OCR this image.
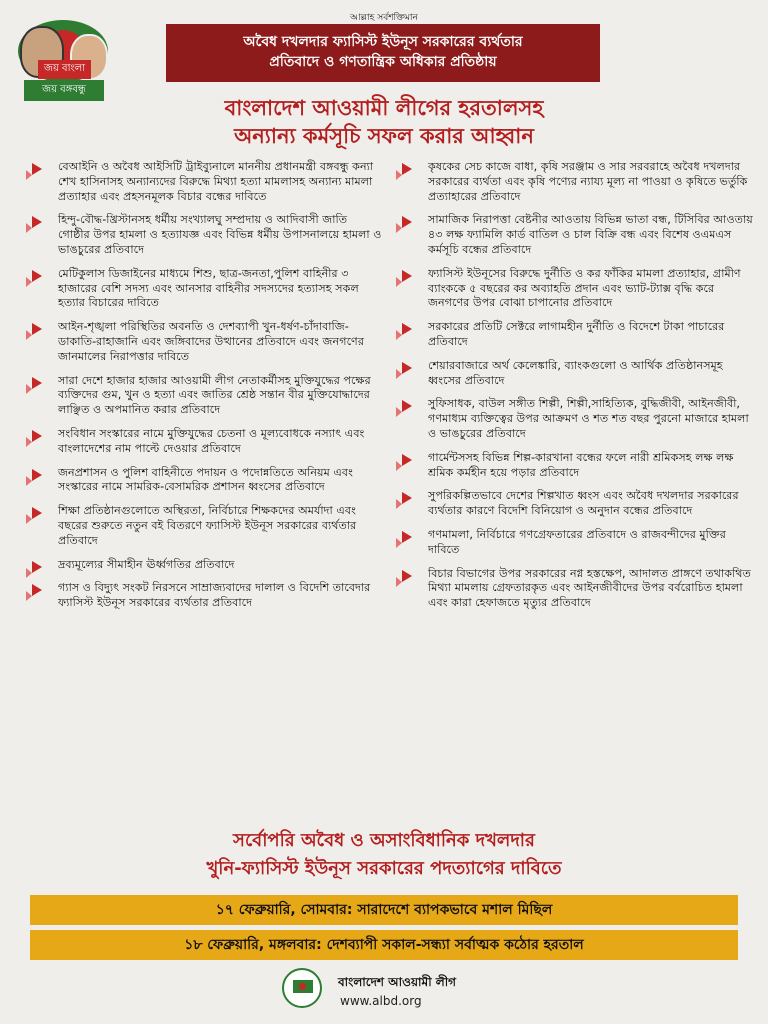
আল্লাহ সর্বশক্তিমান
জয় বাংলা
জয় বঙ্গবন্ধু
অবৈধ দখলদার ফ্যাসিস্ট ইউনূস সরকারের ব্যর্থতার
প্রতিবাদে ও গণতান্ত্রিক অধিকার প্রতিষ্ঠায়
বাংলাদেশ আওয়ামী লীগের হরতালসহ
অন্যান্য কর্মসূচি সফল করার আহ্বান
বেআইনি ও অবৈধ আইসিটি ট্রাইব্যুনালে মাননীয় প্রধানমন্ত্রী বঙ্গবন্ধু কন্যা শেখ হাসিনাসহ অন্যান্যদের বিরুদ্ধে মিথ্যা হত্যা মামলাসহ অন্যান্য মামলা প্রত্যাহার এবং প্রহসনমূলক বিচার বন্ধের দাবিতে
হিন্দু-বৌদ্ধ-খ্রিস্টানসহ ধর্মীয় সংখ্যালঘু সম্প্রদায় ও আদিবাসী জাতি গোষ্ঠীর উপর হামলা ও হত্যাযজ্ঞ এবং বিভিন্ন ধর্মীয় উপাসনালয়ে হামলা ও ভাঙচুরের প্রতিবাদে
মেটিকুলাস ডিজাইনের মাধ্যমে শিশু, ছাত্র-জনতা,পুলিশ বাহিনীর ৩ হাজারের বেশি সদস্য এবং আনসার বাহিনীর সদস্যদের হত্যাসহ সকল হত্যার বিচারের দাবিতে
আইন-শৃঙ্খলা পরিস্থিতির অবনতি ও দেশব্যাপী খুন-ধর্ষণ-চাঁদাবাজি-ডাকাতি-রাহাজানি এবং জঙ্গিবাদের উত্থানের প্রতিবাদে এবং জনগণের জানমালের নিরাপত্তার দাবিতে
সারা দেশে হাজার হাজার আওয়ামী লীগ নেতাকর্মীসহ মুক্তিযুদ্ধের পক্ষের ব্যক্তিদের গুম, খুন ও হত্যা এবং জাতির শ্রেষ্ঠ সন্তান বীর মুক্তিযোদ্ধাদের লাঞ্ছিত ও অপমানিত করার প্রতিবাদে
সংবিধান সংস্কারের নামে মুক্তিযুদ্ধের চেতনা ও মূল্যবোধকে নস্যাৎ এবং বাংলাদেশের নাম পাল্টে দেওয়ার প্রতিবাদে
জনপ্রশাসন ও পুলিশ বাহিনীতে পদায়ন ও পদোন্নতিতে অনিয়ম এবং সংস্কারের নামে সামরিক-বেসামরিক প্রশাসন ধ্বংসের প্রতিবাদে
শিক্ষা প্রতিষ্ঠানগুলোতে অস্থিরতা, নির্বিচারে শিক্ষকদের অমর্যাদা এবং বছরের শুরুতে নতুন বই বিতরণে ফ্যাসিস্ট ইউনূস সরকারের ব্যর্থতার প্রতিবাদে
দ্রব্যমূল্যের সীমাহীন ঊর্ধ্বগতির প্রতিবাদে
গ্যাস ও বিদ্যুৎ সংকট নিরসনে সাম্রাজ্যবাদের দালাল ও বিদেশি তাবেদার ফ্যাসিস্ট ইউনূস সরকারের ব্যর্থতার প্রতিবাদে
কৃষকের সেচ কাজে বাধা, কৃষি সরঞ্জাম ও সার সরবরাহে অবৈধ দখলদার সরকারের ব্যর্থতা এবং কৃষি পণ্যের ন্যায্য মূল্য না পাওয়া ও কৃষিতে ভর্তুকি প্রত্যাহারের প্রতিবাদে
সামাজিক নিরাপত্তা বেষ্টনীর আওতায় বিভিন্ন ভাতা বন্ধ, টিসিবির আওতায় ৪৩ লক্ষ ফ্যামিলি কার্ড বাতিল ও চাল বিক্রি বন্ধ এবং বিশেষ ওএমএস কর্মসূচি বন্ধের প্রতিবাদে
ফ্যাসিস্ট ইউনূসের বিরুদ্ধে দুর্নীতি ও কর ফাঁকির মামলা প্রত্যাহার, গ্রামীণ ব্যাংককে ৫ বছরের কর অব্যাহতি প্রদান এবং ভ্যাট-ট্যাক্স বৃদ্ধি করে জনগণের উপর বোঝা চাপানোর প্রতিবাদে
সরকারের প্রতিটি সেক্টরে লাগামহীন দুর্নীতি ও বিদেশে টাকা পাচারের প্রতিবাদে
শেয়ারবাজারে অর্থ কেলেঙ্কারি, ব্যাংকগুলো ও আর্থিক প্রতিষ্ঠানসমূহ ধ্বংসের প্রতিবাদে
সুফিসাধক, বাউল সঙ্গীত শিল্পী, শিল্পী,সাহিত্যিক, বুদ্ধিজীবী, আইনজীবী, গণমাধ্যম ব্যক্তিত্বের উপর আক্রমণ ও শত শত বছর পুরনো মাজারে হামলা ও ভাঙচুরের প্রতিবাদে
গার্মেন্টসসহ বিভিন্ন শিল্প-কারখানা বন্ধের ফলে নারী শ্রমিকসহ লক্ষ লক্ষ শ্রমিক কর্মহীন হয়ে পড়ার প্রতিবাদে
সুপরিকল্পিতভাবে দেশের শিল্পখাত ধ্বংস এবং অবৈধ দখলদার সরকারের ব্যর্থতার কারণে বিদেশি বিনিয়োগ ও অনুদান বন্ধের প্রতিবাদে
গণমামলা, নির্বিচারে গণগ্রেফতারের প্রতিবাদে ও রাজবন্দীদের মুক্তির দাবিতে
বিচার বিভাগের উপর সরকারের নগ্ন হস্তক্ষেপ, আদালত প্রাঙ্গণে তথাকথিত মিথ্যা মামলায় গ্রেফতারকৃত এবং আইনজীবীদের উপর বর্বরোচিত হামলা এবং কারা হেফাজতে মৃত্যুর প্রতিবাদে
সর্বোপরি অবৈধ ও অসাংবিধানিক দখলদার
খুনি-ফ্যাসিস্ট ইউনূস সরকারের পদত্যাগের দাবিতে
১৭ ফেব্রুয়ারি, সোমবার: সারাদেশে ব্যাপকভাবে মশাল মিছিল
১৮ ফেব্রুয়ারি, মঙ্গলবার: দেশব্যাপী সকাল-সন্ধ্যা সর্বাত্মক কঠোর হরতাল
বাংলাদেশ আওয়ামী লীগ
www.albd.org
